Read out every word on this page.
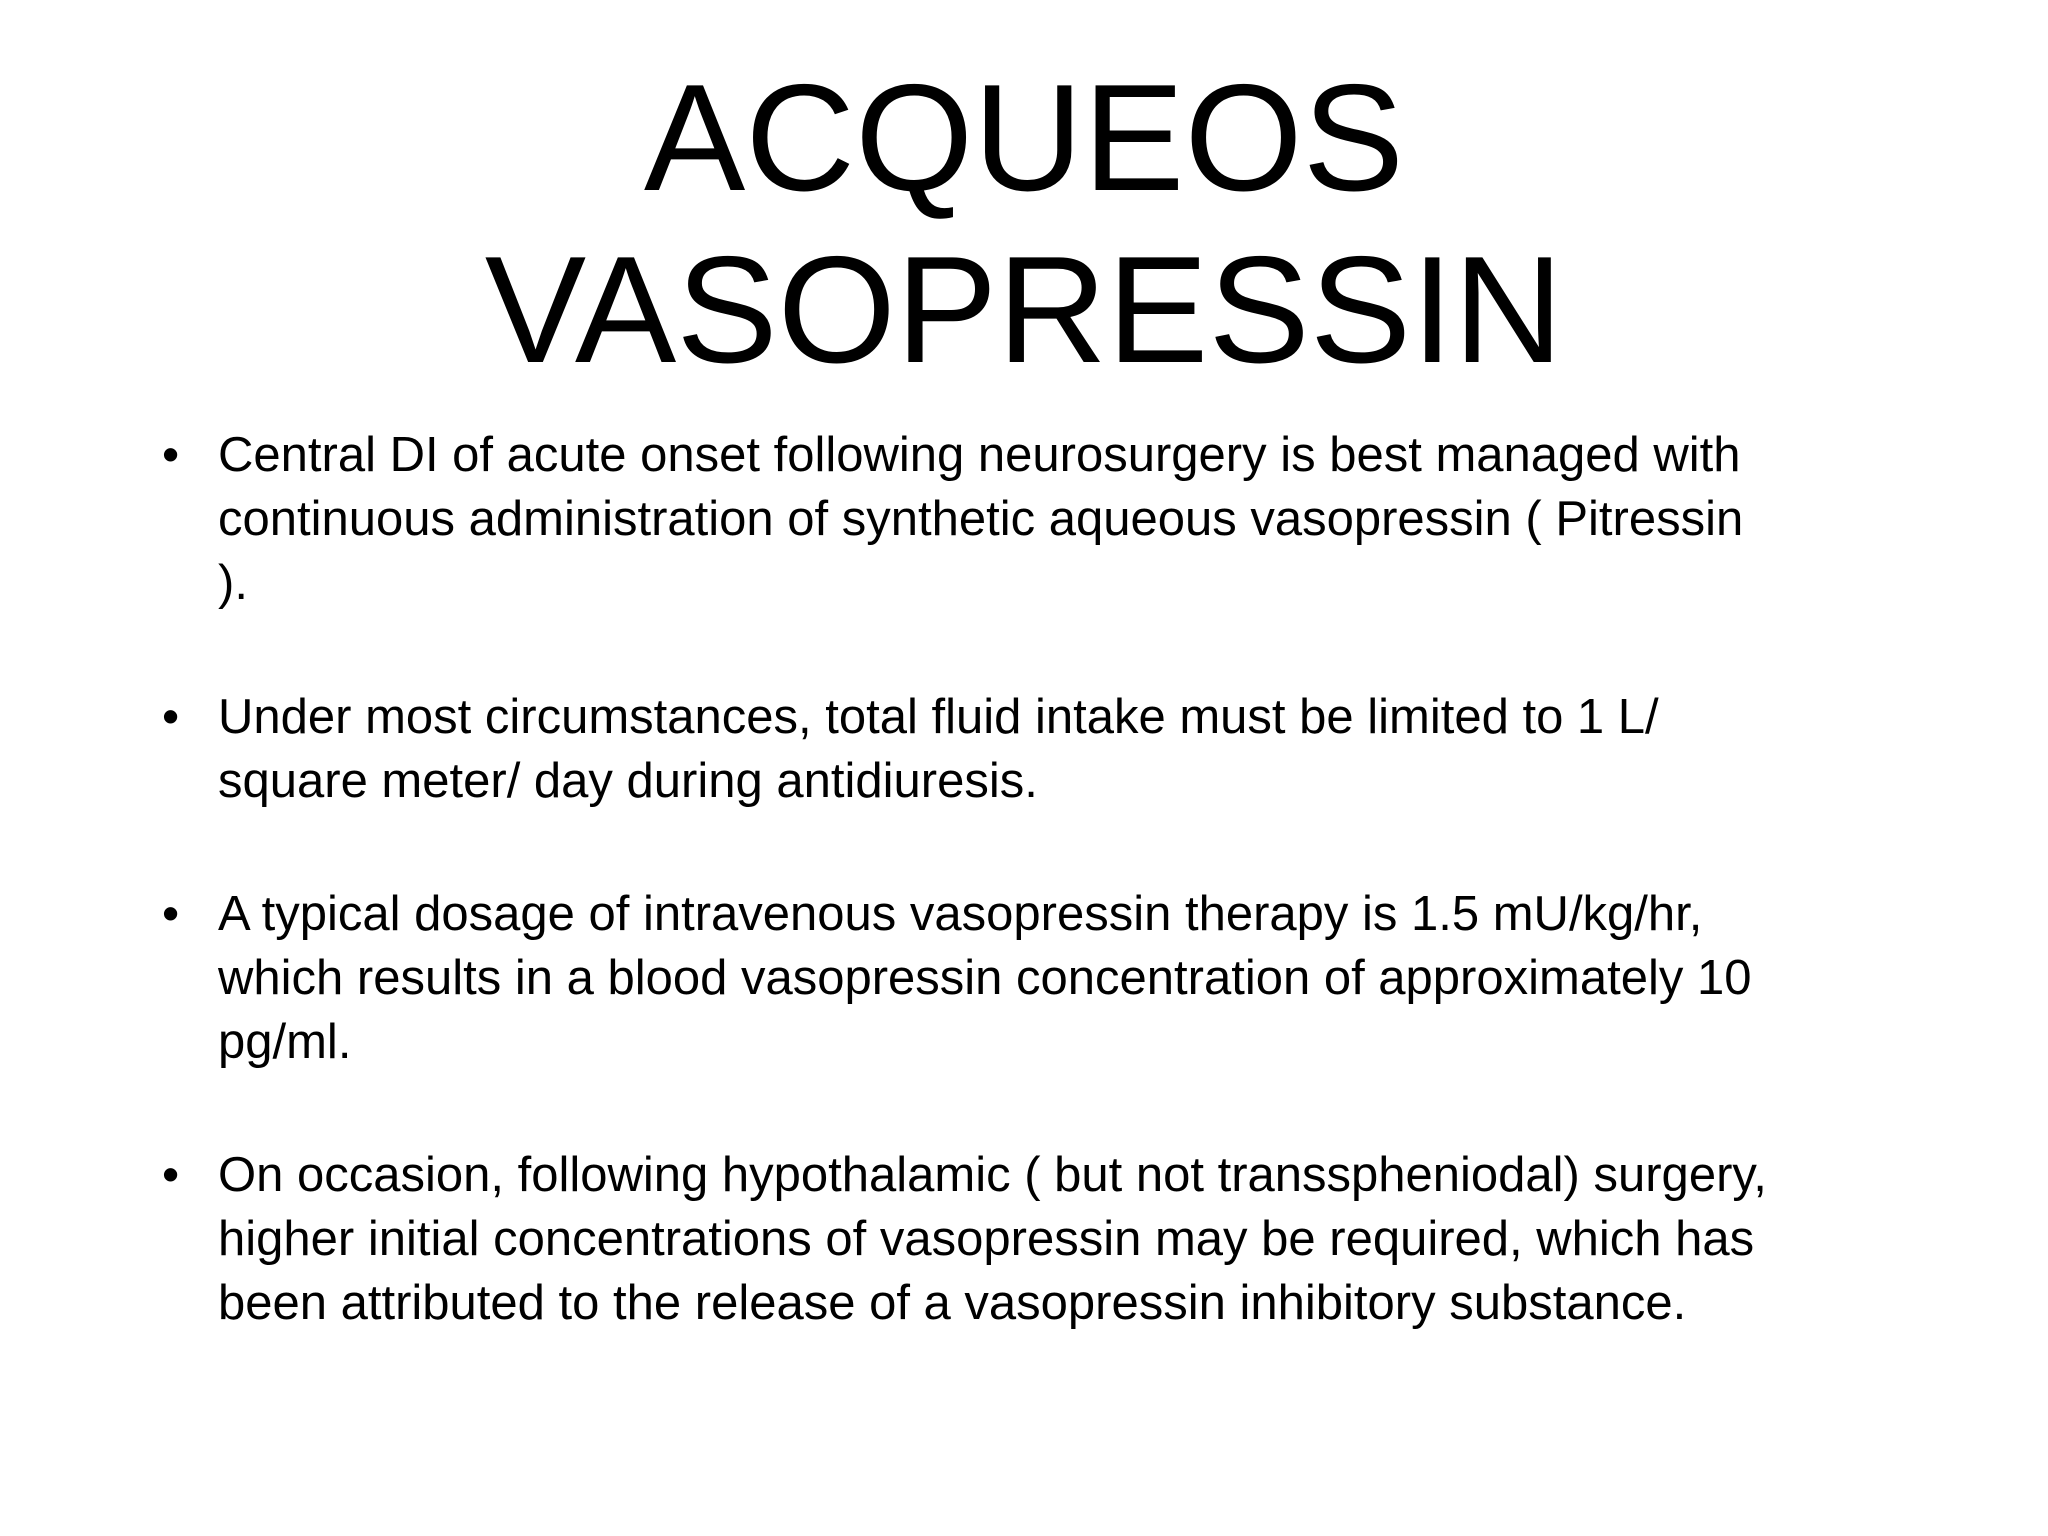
ACQUEOS
VASOPRESSIN
• Central DI of acute onset following neurosurgery is best managed with
continuous administration of synthetic aqueous vasopressin ( Pitressin
).
• Under most circumstances, total fluid intake must be limited to 1 L/
square meter/ day during antidiuresis.
• A typical dosage of intravenous vasopressin therapy is 1.5 mU/kg/hr,
which results in a blood vasopressin concentration of approximately 10
pg/ml.
• On occasion, following hypothalamic ( but not transspheniodal) surgery,
higher initial concentrations of vasopressin may be required, which has
been attributed to the release of a vasopressin inhibitory substance.
